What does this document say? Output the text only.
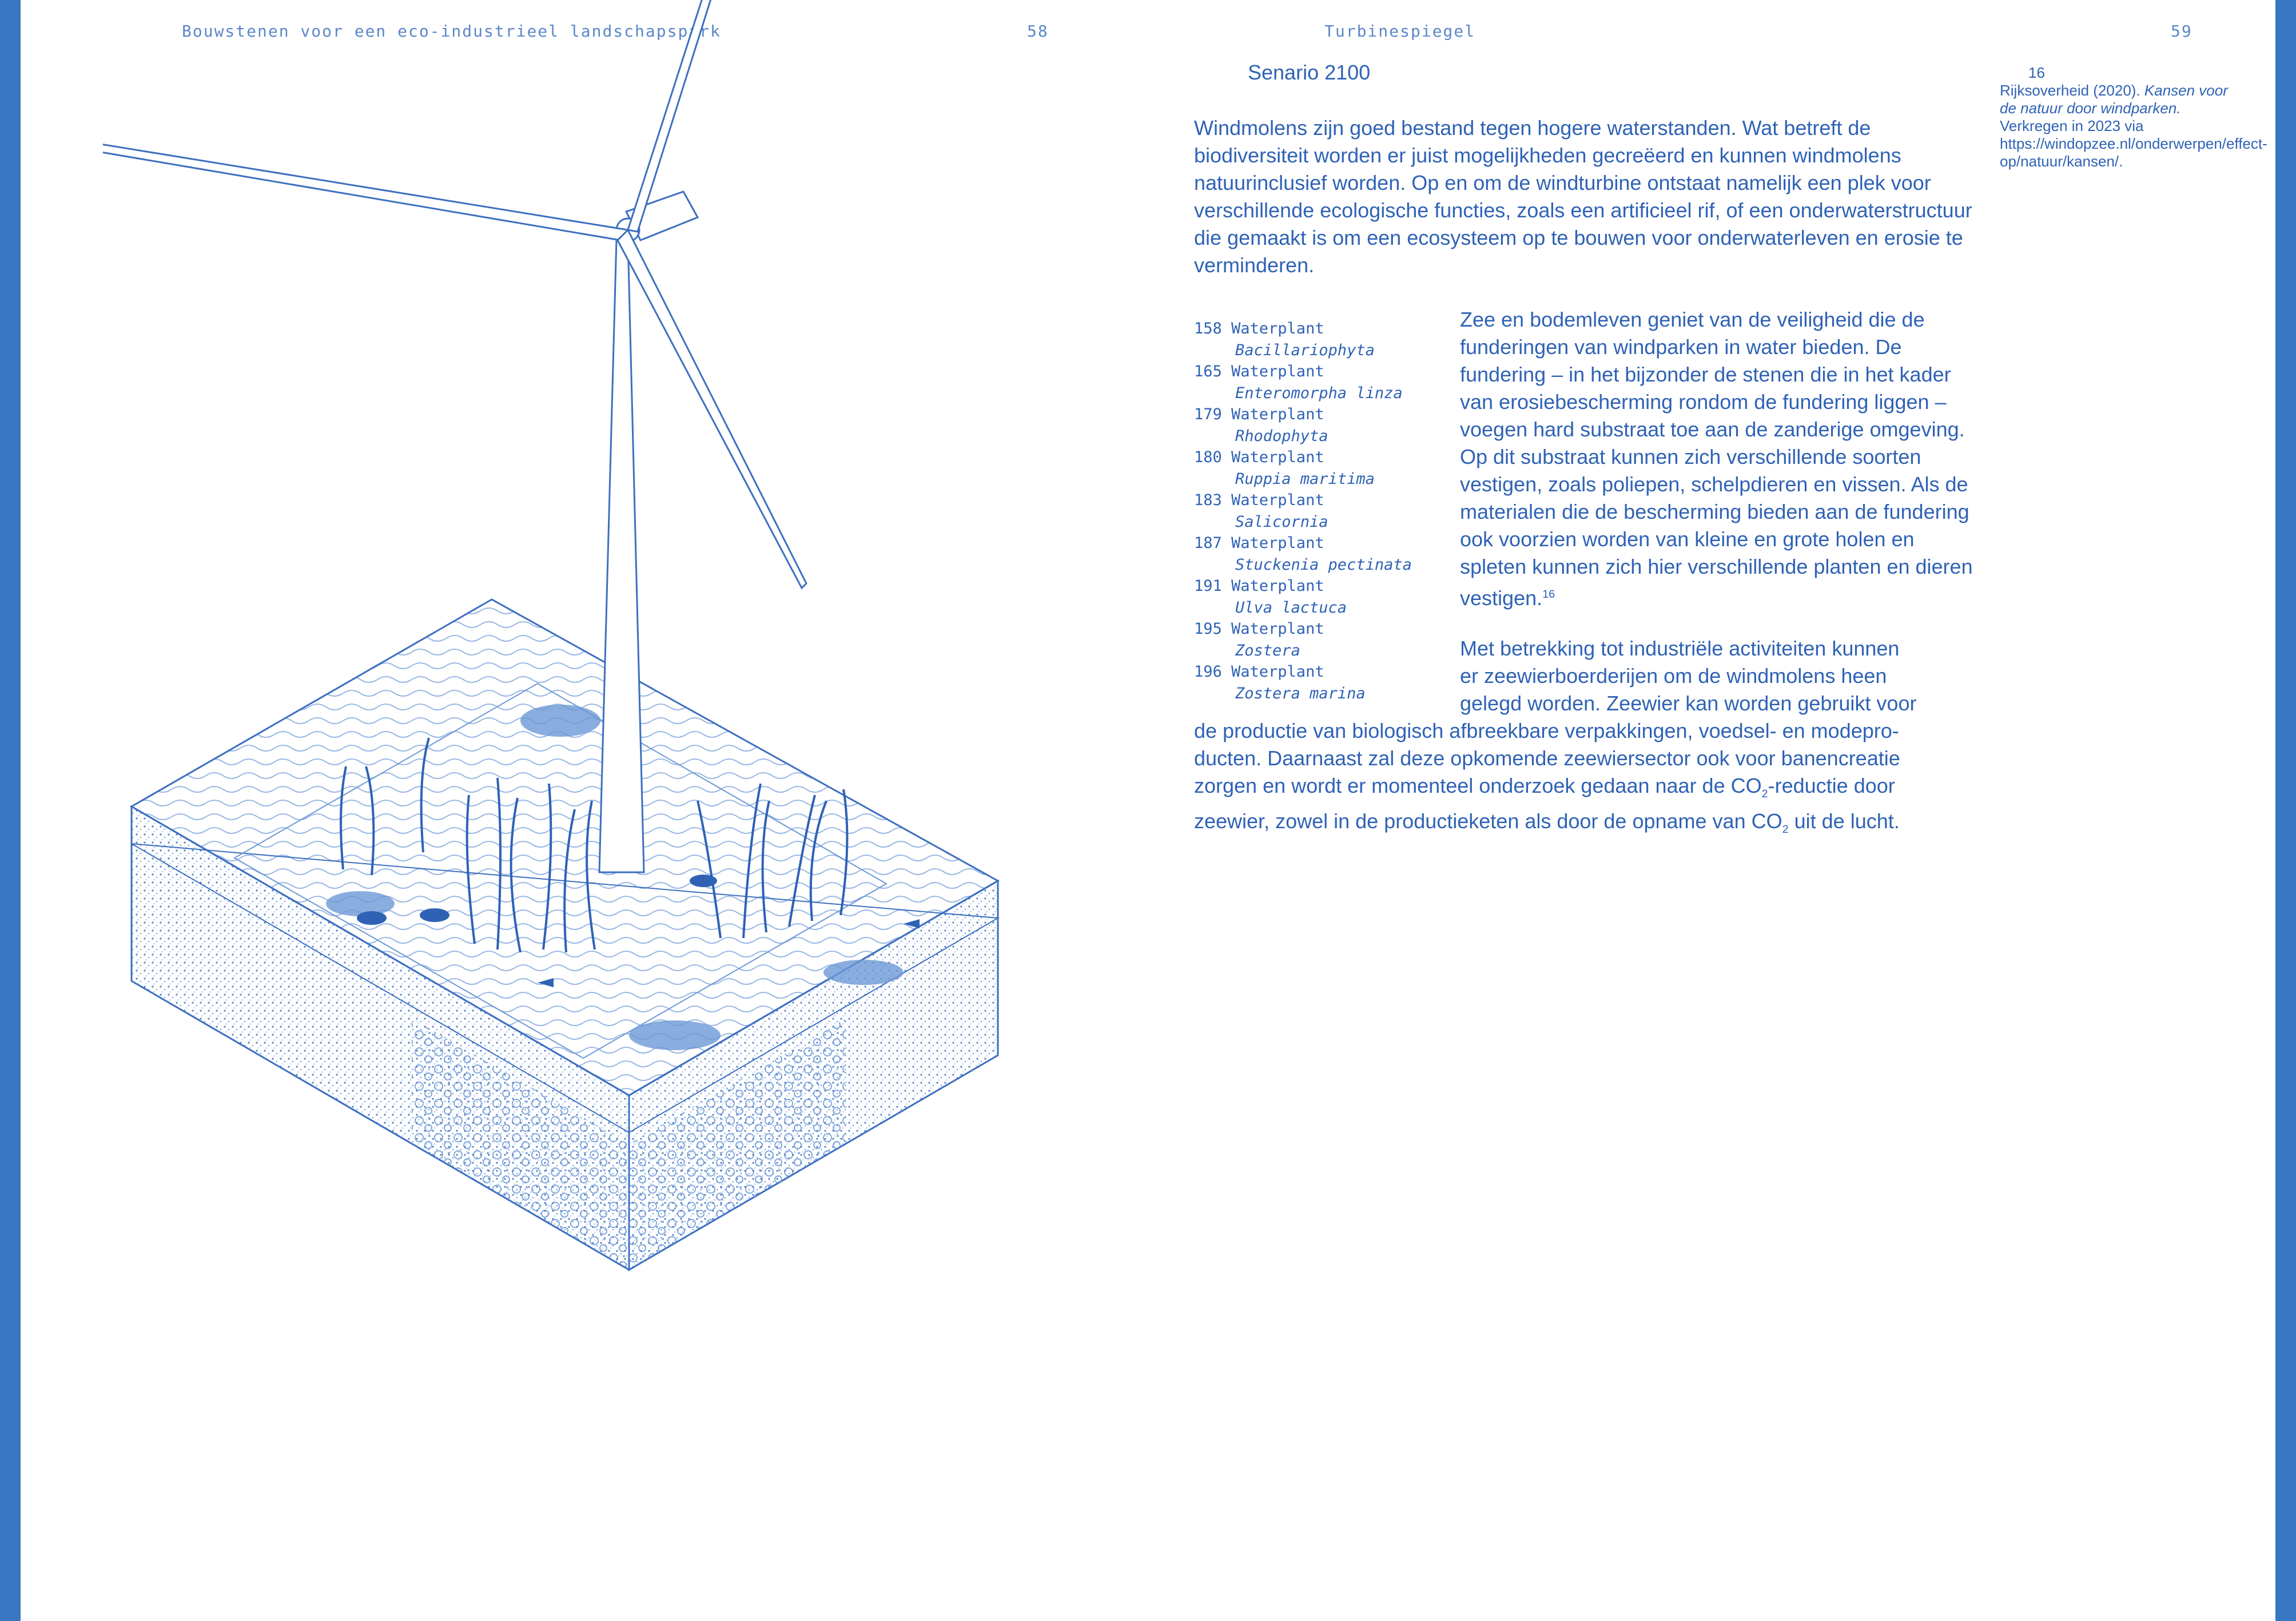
Bouwstenen voor een eco-industrieel landschapspark	58	Turbinespiegel	59
Senario 2100

Windmolens zijn goed bestand tegen hogere waterstanden. Wat betreft de biodiversiteit worden er juist mogelijkheden gecreëerd en kunnen windmolens natuurinclusief worden. Op en om de windturbine ontstaat namelijk een plek voor verschillende ecologische functies, zoals een artificieel rif, of een onderwaterstructuur die gemaakt is om een ecosysteem op te bouwen voor onderwaterleven en erosie te verminderen.

158 Waterplant
Bacillariophyta
165 Waterplant
Enteromorpha linza
179 Waterplant
Rhodophyta
180 Waterplant
Ruppia maritima
183 Waterplant
Salicornia
187 Waterplant
Stuckenia pectinata
191 Waterplant
Ulva lactuca
195 Waterplant
Zostera
196 Waterplant
Zostera marina

Zee en bodemleven geniet van de veiligheid die de funderingen van windparken in water bieden. De fundering – in het bijzonder de stenen die in het kader van erosiebescherming rondom de fundering liggen – voegen hard substraat toe aan de zanderige omgeving. Op dit substraat kunnen zich verschillende soorten vestigen, zoals poliepen, schelpdieren en vissen. Als de materialen die de bescherming bieden aan de fundering ook voorzien worden van kleine en grote holen en spleten kunnen zich hier verschillende planten en dieren vestigen.$^{16}$

Met betrekking tot industriële activiteiten kunnen

er zeewierboerderijen om de windmolens heen

gelegd worden. Zeewier kan worden gebruikt voor

de productie van biologisch afbreekbare verpakkingen, voedsel- en modepro-

ducten. Daarnaast zal deze opkomende zeewiersector ook voor banencreatie

zorgen en wordt er momenteel onderzoek gedaan naar de $CO_2$-reductie door

zeewier, zowel in de productieketen als door de opname van $CO_2$ uit de lucht.

16
Rijksoverheid (2020). Kansen voor de natuur door windparken. Verkregen in 2023 via https://windopzee.nl/onderwerpen/effect-op/natuur/kansen/.
